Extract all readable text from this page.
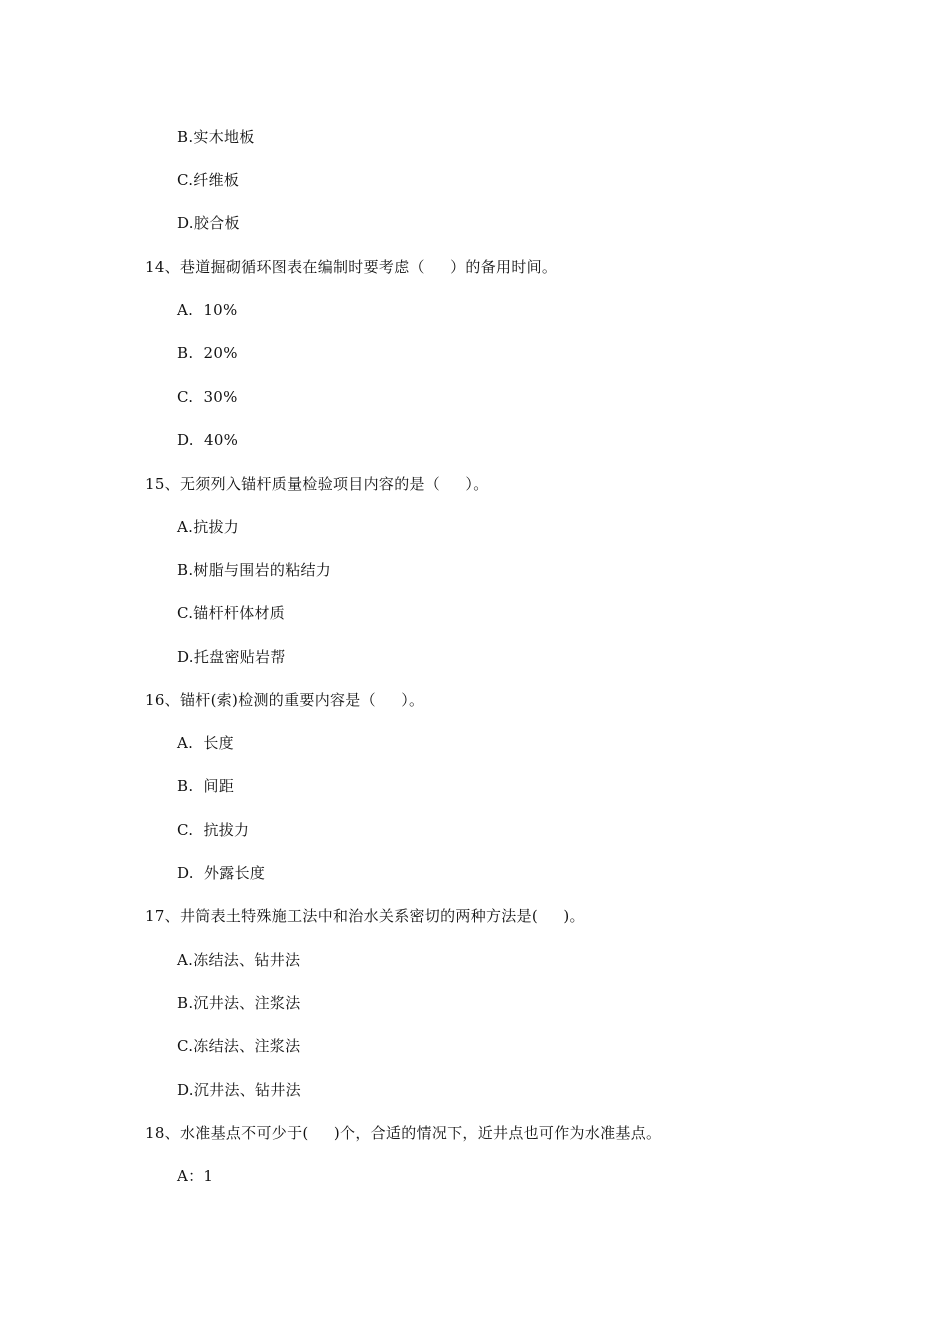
B.实木地板
C.纤维板
D.胶合板
14、巷道掘砌循环图表在编制时要考虑（     ）的备用时间。
A.  10%
B.  20%
C.  30%
D.  40%
15、无须列入锚杆质量检验项目内容的是（     ）。
A.抗拔力
B.树脂与围岩的粘结力
C.锚杆杆体材质
D.托盘密贴岩帮
16、锚杆(索)检测的重要内容是（     ）。
A.  长度
B.  间距
C.  抗拔力
D.  外露长度
17、井筒表土特殊施工法中和治水关系密切的两种方法是(     )。
A.冻结法、钻井法
B.沉井法、注浆法
C.冻结法、注浆法
D.沉井法、钻井法
18、水准基点不可少于(     )个，合适的情况下，近井点也可作为水准基点。
A：1
